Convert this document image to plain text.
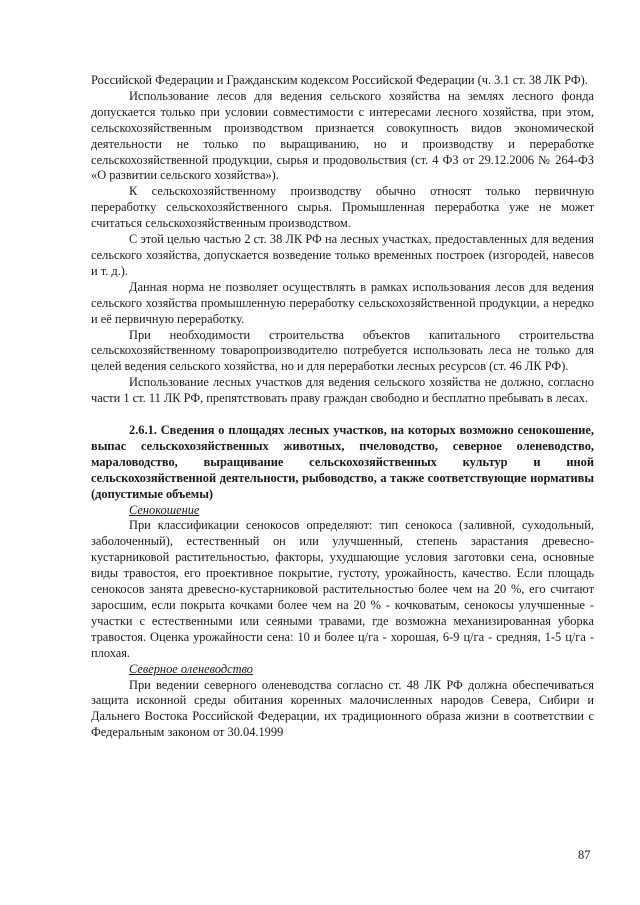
Российской Федерации и Гражданским кодексом Российской Федерации (ч. 3.1 ст. 38 ЛК РФ).

Использование лесов для ведения сельского хозяйства на землях лесного фонда допускается только при условии совместимости с интересами лесного хозяйства, при этом, сельскохозяйственным производством признается совокупность видов экономической деятельности не только по выращиванию, но и производству и переработке сельскохозяйственной продукции, сырья и продовольствия (ст. 4 ФЗ от 29.12.2006 № 264-ФЗ «О развитии сельского хозяйства»).

К сельскохозяйственному производству обычно относят только первичную переработку сельскохозяйственного сырья. Промышленная переработка уже не может считаться сельскохозяйственным производством.

С этой целью частью 2 ст. 38 ЛК РФ на лесных участках, предоставленных для ведения сельского хозяйства, допускается возведение только временных построек (изгородей, навесов и т. д.).

Данная норма не позволяет осуществлять в рамках использования лесов для ведения сельского хозяйства промышленную переработку сельскохозяйственной продукции, а нередко и её первичную переработку.

При необходимости строительства объектов капитального строительства сельскохозяйственному товаропроизводителю потребуется использовать леса не только для целей ведения сельского хозяйства, но и для переработки лесных ресурсов (ст. 46 ЛК РФ).

Использование лесных участков для ведения сельского хозяйства не должно, согласно части 1 ст. 11 ЛК РФ, препятствовать праву граждан свободно и бесплатно пребывать в лесах.

2.6.1. Сведения о площадях лесных участков, на которых возможно сенокошение, выпас сельскохозяйственных животных, пчеловодство, северное оленеводство, мараловодство, выращивание сельскохозяйственных культур и иной сельскохозяйственной деятельности, рыбоводство, а также соответствующие нормативы (допустимые объемы)

Сенокошение

При классификации сенокосов определяют: тип сенокоса (заливной, суходольный, заболоченный), естественный он или улучшенный, степень зарастания древесно-кустарниковой растительностью, факторы, ухудшающие условия заготовки сена, основные виды травостоя, его проективное покрытие, густоту, урожайность, качество. Если площадь сенокосов занята древесно-кустарниковой растительностью более чем на 20 %, его считают заросшим, если покрыта кочками более чем на 20 % - кочковатым, сенокосы улучшенные - участки с естественными или сеяными травами, где возможна механизированная уборка травостоя. Оценка урожайности сена: 10 и более ц/га - хорошая, 6-9 ц/га - средняя, 1-5 ц/га - плохая.

Северное оленеводство

При ведении северного оленеводства согласно ст. 48 ЛК РФ должна обеспечиваться защита исконной среды обитания коренных малочисленных народов Севера, Сибири и Дальнего Востока Российской Федерации, их традиционного образа жизни в соответствии с Федеральным законом от 30.04.1999

87
